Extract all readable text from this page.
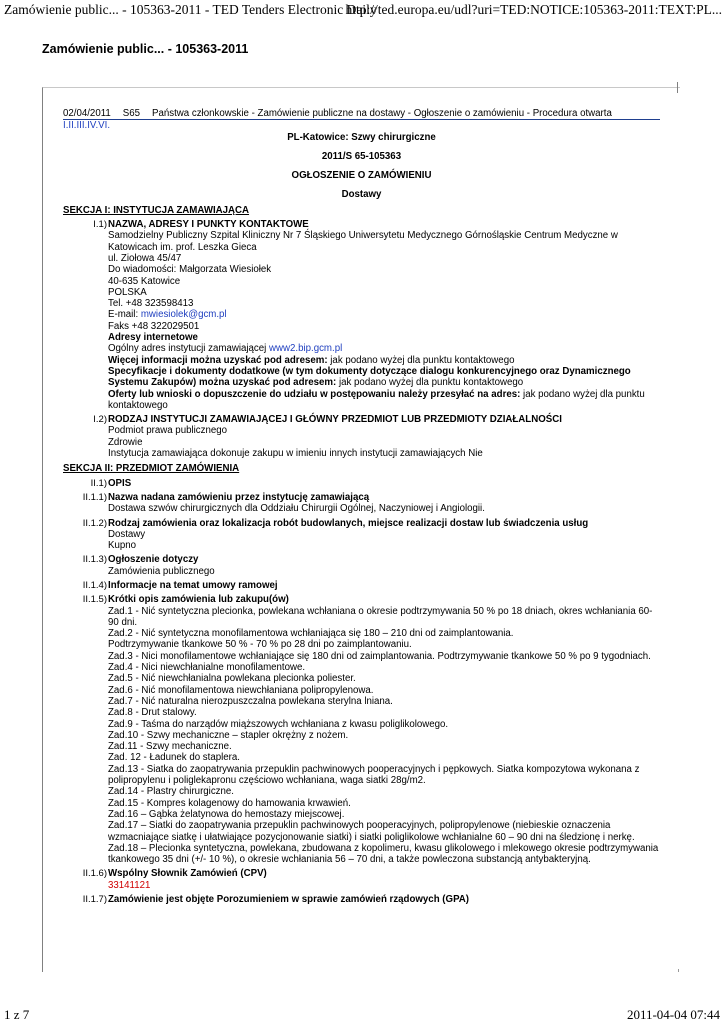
Zamówienie public... - 105363-2011 - TED Tenders Electronic Daily
http://ted.europa.eu/udl?uri=TED:NOTICE:105363-2011:TEXT:PL...
Zamówienie public... - 105363-2011
02/04/2011 S65 Państwa członkowskie - Zamówienie publiczne na dostawy - Ogłoszenie o zamówieniu - Procedura otwarta
I.II.III.IV.VI.
PL-Katowice: Szwy chirurgiczne
2011/S 65-105363
OGŁOSZENIE O ZAMÓWIENIU
Dostawy
SEKCJA I: INSTYTUCJA ZAMAWIAJĄCA
I.1) NAZWA, ADRESY I PUNKTY KONTAKTOWE
Samodzielny Publiczny Szpital Kliniczny Nr 7 Śląskiego Uniwersytetu Medycznego Górnośląskie Centrum Medyczne w Katowicach im. prof. Leszka Gieca
ul. Ziołowa 45/47
Do wiadomości: Małgorzata Wiesiołek
40-635 Katowice
POLSKA
Tel. +48 323598413
E-mail: mwiesiolek@gcm.pl
Faks +48 322029501
Adresy internetowe
Ogólny adres instytucji zamawiającej www2.bip.gcm.pl
Więcej informacji można uzyskać pod adresem: jak podano wyżej dla punktu kontaktowego
Specyfikacje i dokumenty dodatkowe (w tym dokumenty dotyczące dialogu konkurencyjnego oraz Dynamicznego Systemu Zakupów) można uzyskać pod adresem: jak podano wyżej dla punktu kontaktowego
Oferty lub wnioski o dopuszczenie do udziału w postępowaniu należy przesyłać na adres: jak podano wyżej dla punktu kontaktowego
I.2) RODZAJ INSTYTUCJI ZAMAWIAJĄCEJ I GŁÓWNY PRZEDMIOT LUB PRZEDMIOTY DZIAŁALNOŚCI
Podmiot prawa publicznego
Zdrowie
Instytucja zamawiająca dokonuje zakupu w imieniu innych instytucji zamawiających Nie
SEKCJA II: PRZEDMIOT ZAMÓWIENIA
II.1) OPIS
II.1.1) Nazwa nadana zamówieniu przez instytucję zamawiającą
Dostawa szwów chirurgicznych dla Oddziału Chirurgii Ogólnej, Naczyniowej i Angiologii.
II.1.2) Rodzaj zamówienia oraz lokalizacja robót budowlanych, miejsce realizacji dostaw lub świadczenia usług
Dostawy
Kupno
II.1.3) Ogłoszenie dotyczy
Zamówienia publicznego
II.1.4) Informacje na temat umowy ramowej
II.1.5) Krótki opis zamówienia lub zakupu(ów)
Zad.1 - Nić syntetyczna plecionka, powlekana wchłaniana o okresie podtrzymywania 50 % po 18 dniach, okres wchłaniania 60-90 dni.
Zad.2 - Nić syntetyczna monofilamentowa wchłaniająca się 180 – 210 dni od zaimplantowania.
Podtrzymywanie tkankowe 50 % - 70 % po 28 dni po zaimplantowaniu.
Zad.3 - Nici monofilamentowe wchłaniające się 180 dni od zaimplantowania. Podtrzymywanie tkankowe 50 % po 9 tygodniach.
Zad.4 - Nici niewchłanialne monofilamentowe.
Zad.5 - Nić niewchłanialna powlekana plecionka poliester.
Zad.6 - Nić monofilamentowa niewchłaniana polipropylenowa.
Zad.7 - Nić naturalna nierozpuszczalna powlekana sterylna lniana.
Zad.8 - Drut stalowy.
Zad.9 - Taśma do narządów miąższowych wchłaniana z kwasu poliglikolowego.
Zad.10 - Szwy mechaniczne – stapler okrężny z nożem.
Zad.11 - Szwy mechaniczne.
Zad. 12 - Ładunek do staplera.
Zad.13 - Siatka do zaopatrywania przepuklin pachwinowych pooperacyjnych i pępkowych. Siatka kompozytowa wykonana z polipropylenu i poliglekapronu częściowo wchłaniana, waga siatki 28g/m2.
Zad.14 - Plastry chirurgiczne.
Zad.15 - Kompres kolagenowy do hamowania krwawień.
Zad.16 – Gąbka żelatynowa do hemostazy miejscowej.
Zad.17 – Siatki do zaopatrywania przepuklin pachwinowych pooperacyjnych, polipropylenowe (niebieskie oznaczenia wzmacniające siatkę i ułatwiające pozycjonowanie siatki) i siatki poliglikolowe wchłanialne 60 – 90 dni na śledzionę i nerkę.
Zad.18 – Plecionka syntetyczna, powlekana, zbudowana z kopolimeru, kwasu glikolowego i mlekowego okresie podtrzymywania tkankowego 35 dni (+/- 10 %), o okresie wchłaniania 56 – 70 dni, a także powleczona substancją antybakteryjną.
II.1.6) Wspólny Słownik Zamówień (CPV)
33141121
II.1.7) Zamówienie jest objęte Porozumieniem w sprawie zamówień rządowych (GPA)
1 z 7	2011-04-04 07:44
